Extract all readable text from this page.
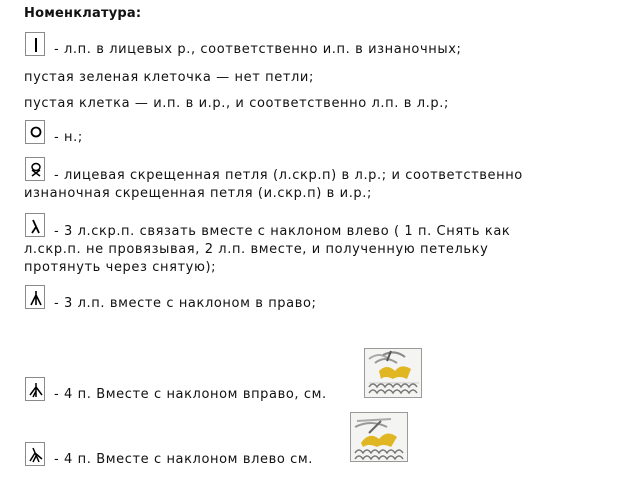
Номенклатура:
- л.п. в лицевых р., соответственно и.п. в изнаночных;
пустая зеленая клеточка — нет петли;
пустая клетка — и.п. в и.р., и соответственно л.п. в л.р.;
- н.;
- лицевая скрещенная петля (л.скр.п) в л.р.; и соответственно
изнаночная скрещенная петля (и.скр.п) в и.р.;
- 3 л.скр.п. связать вместе с наклоном влево ( 1 п. Снять как
л.скр.п. не провязывая, 2 л.п. вместе, и полученную петельку
протянуть через снятую);
- 3 л.п. вместе с наклоном в право;
- 4 п. Вместе с наклоном вправо, см.
- 4 п. Вместе с наклоном влево см.
